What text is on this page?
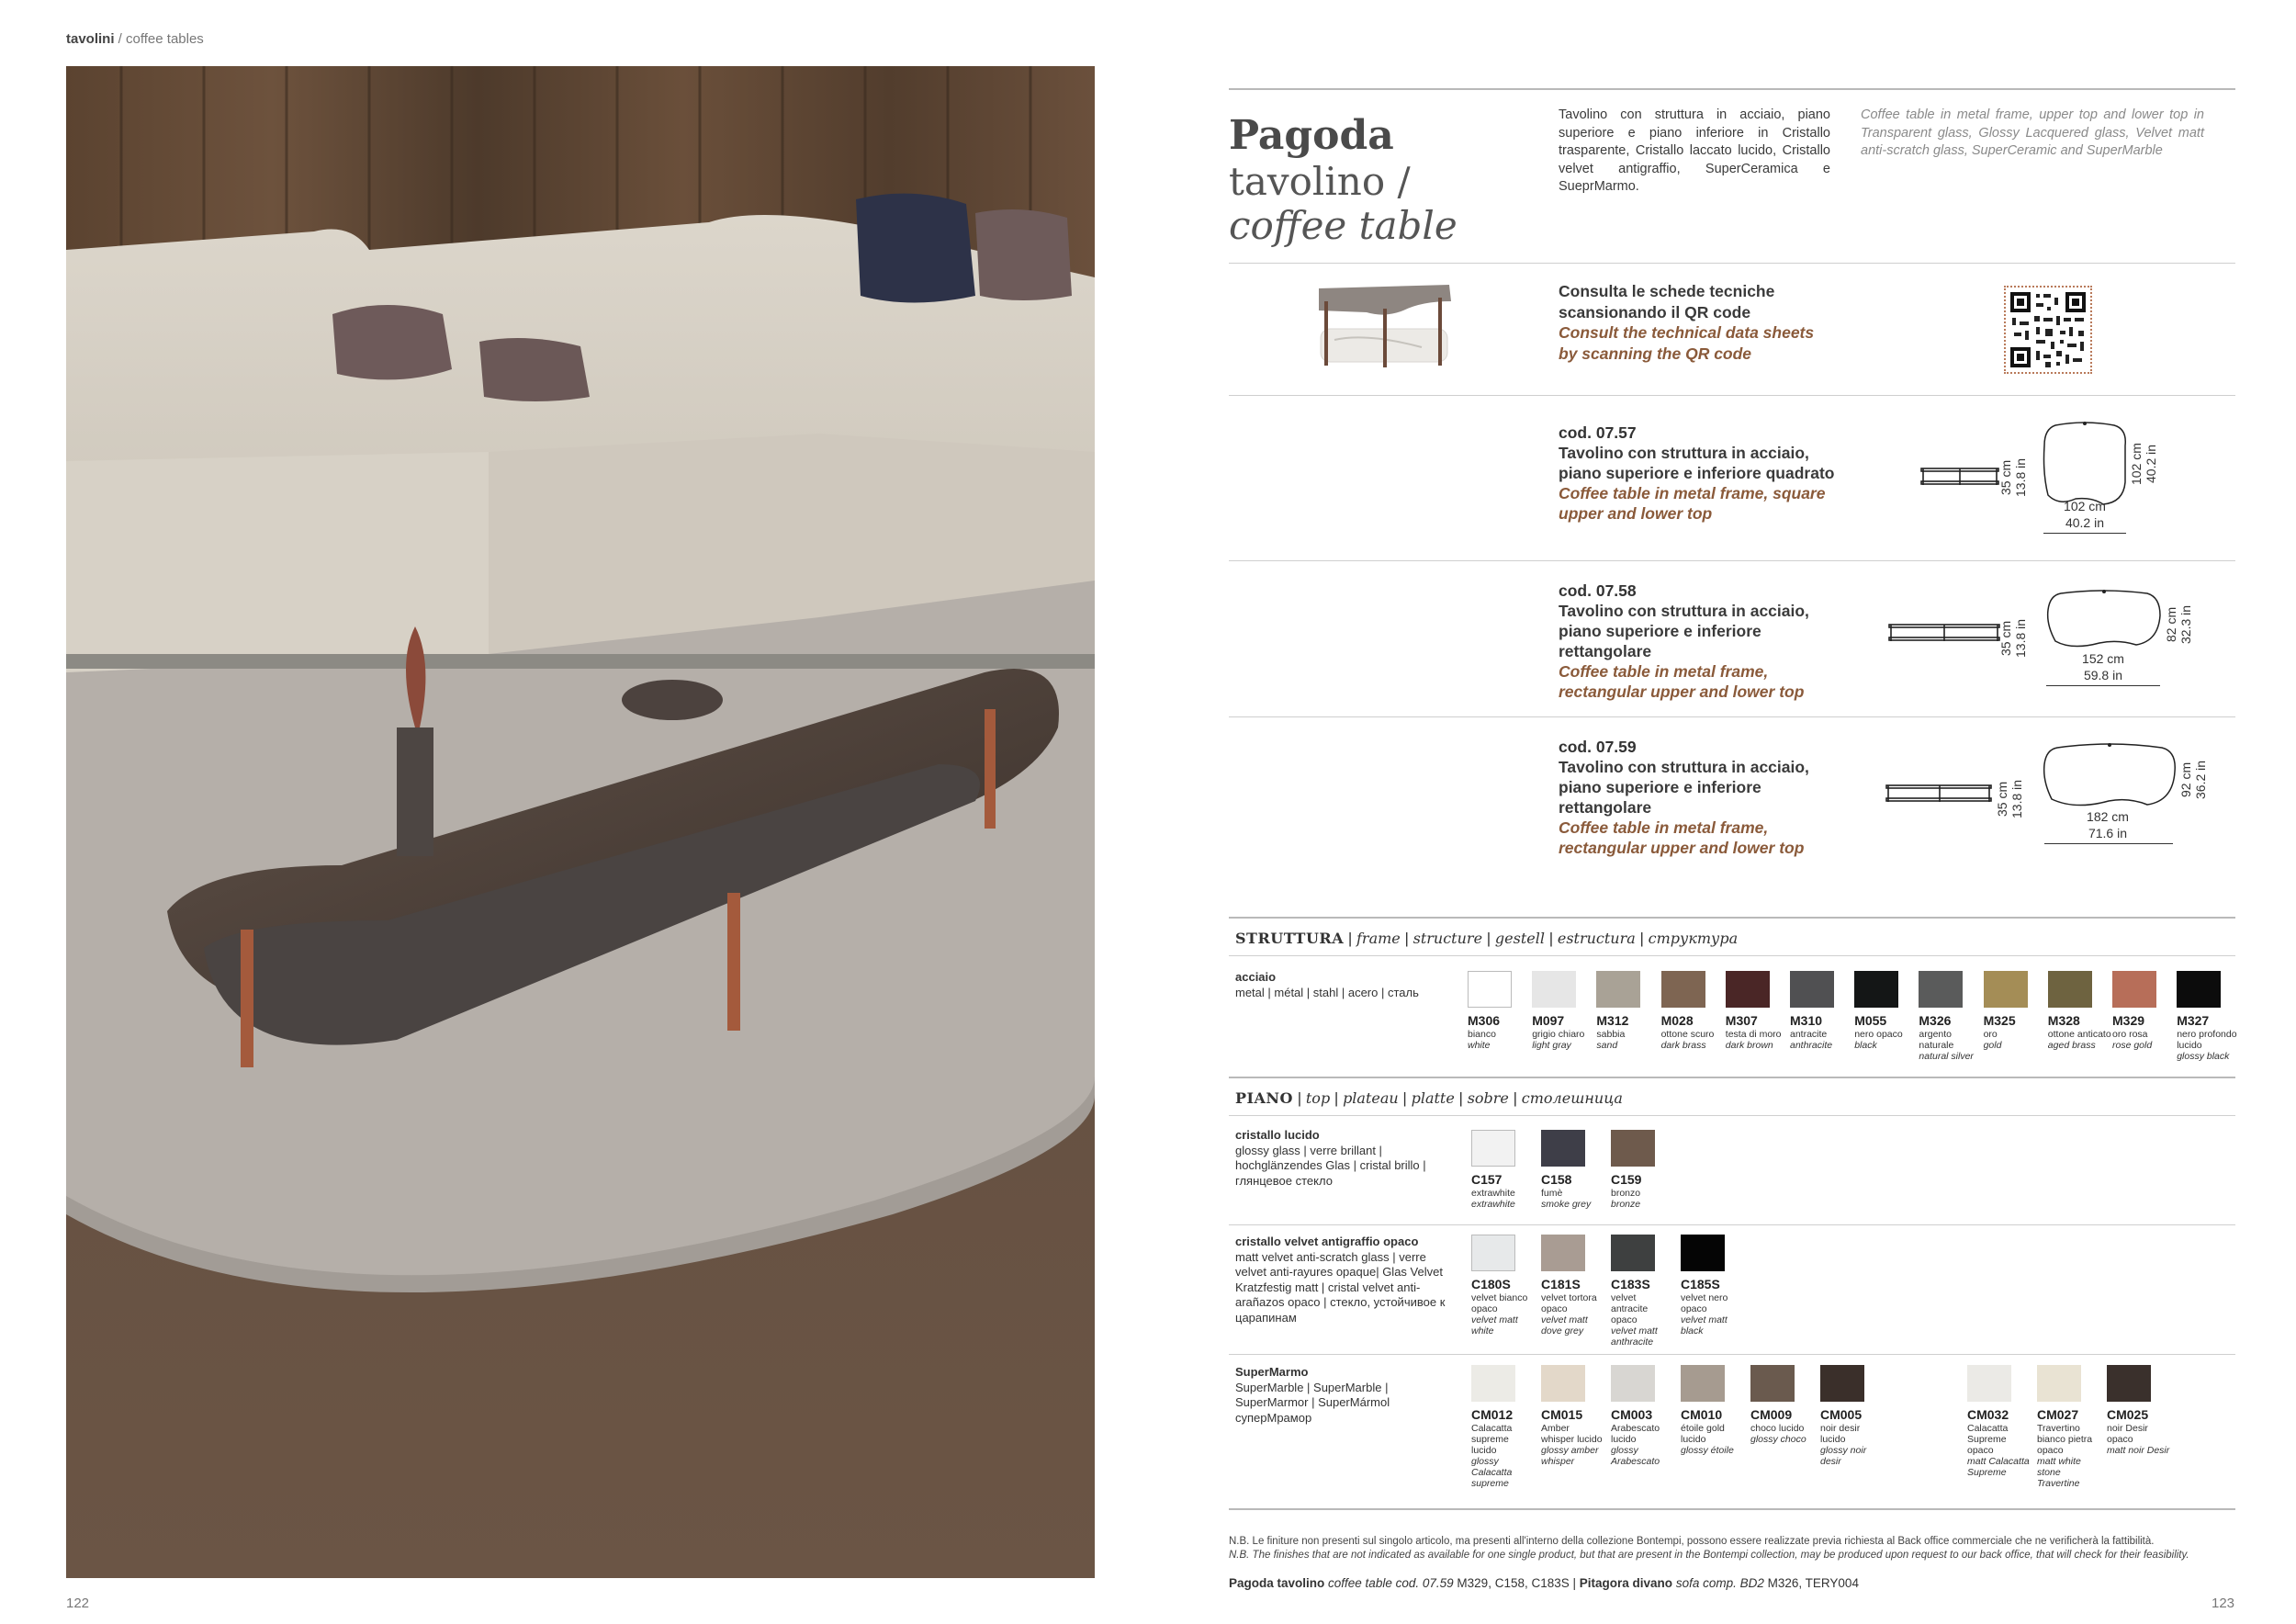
tavolini / coffee tables
Pagoda
tavolino /
coffee table
Tavolino con struttura in acciaio, piano superiore e piano inferiore in Cristallo trasparente, Cristallo laccato lucido, Cristallo velvet antigraffio, SuperCeramica e SueprMarmo.
Coffee table in metal frame, upper top and lower top in Transparent glass, Glossy Lacquered glass, Velvet matt anti-scratch glass, SuperCeramic and SuperMarble
Consulta le schede tecniche
scansionando il QR code
Consult the technical data sheets
by scanning the QR code
cod. 07.57
Tavolino con struttura in acciaio,
piano superiore e inferiore quadrato
Coffee table in metal frame, square
upper and lower top
35 cm
13.8 in	102 cm
40.2 in
102 cm
40.2 in
cod. 07.58
Tavolino con struttura in acciaio,
piano superiore e inferiore
rettangolare
Coffee table in metal frame,
rectangular upper and lower top
35 cm
13.8 in	82 cm
32.3 in
152 cm
59.8 in
cod. 07.59
Tavolino con struttura in acciaio,
piano superiore e inferiore
rettangolare
Coffee table in metal frame,
rectangular upper and lower top
35 cm
13.8 in	92 cm
36.2 in
182 cm
71.6 in
STRUTTURA | frame | structure | gestell | estructura | структура
acciaio
metal | métal | stahl | acero | сталь
M306
bianco
white
M097
grigio chiaro
light gray
M312
sabbia
sand
M028
ottone scuro
dark brass
M307
testa di moro
dark brown
M310
antracite
anthracite
M055
nero opaco
black
M326
argento naturale
natural silver
M325
oro
gold
M328
ottone anticato
aged brass
M329
oro rosa
rose gold
M327
nero profondo lucido
glossy black
PIANO | top | plateau | platte | sobre | столешница
cristallo lucido
glossy glass | verre brillant | hochglänzendes Glas | cristal brillo | глянцевое стекло
cristallo velvet antigraffio opaco
matt velvet anti-scratch glass | verre velvet anti-rayures opaque| Glas Velvet Kratzfestig matt | cristal velvet anti-arañazos opaco | стекло, устойчивое к царапинам
SuperMarmo
SuperMarble | SuperMarble | SuperMarmor | SuperMármol суперМрамор
C157
extrawhite
extrawhite
C158
fumè
smoke grey
C159
bronzo
bronze
C180S
velvet bianco opaco
velvet matt white
C181S
velvet tortora opaco
velvet matt dove grey
C183S
velvet antracite opaco
velvet matt anthracite
C185S
velvet nero opaco
velvet matt black
CM012
Calacatta supreme lucido
glossy Calacatta supreme
CM015
Amber whisper lucido
glossy amber whisper
CM003
Arabescato lucido
glossy Arabescato
CM010
étoile gold lucido
glossy étoile
CM009
choco lucido
glossy choco
CM005
noir desir lucido
glossy noir desir
CM032
Calacatta Supreme opaco
matt Calacatta Supreme
CM027
Travertino bianco pietra opaco
matt white stone Travertine
CM025
noir Desir opaco
matt noir Desir
N.B. Le finiture non presenti sul singolo articolo, ma presenti all'interno della collezione Bontempi, possono essere realizzate previa richiesta al Back office commerciale che ne verificherà la fattibilità.
N.B. The finishes that are not indicated as available for one single product, but that are present in the Bontempi collection, may be produced upon request to our back office, that will check for their feasibility.
Pagoda tavolino coffee table cod. 07.59 M329, C158, C183S | Pitagora divano sofa comp. BD2 M326, TERY004
122	123
